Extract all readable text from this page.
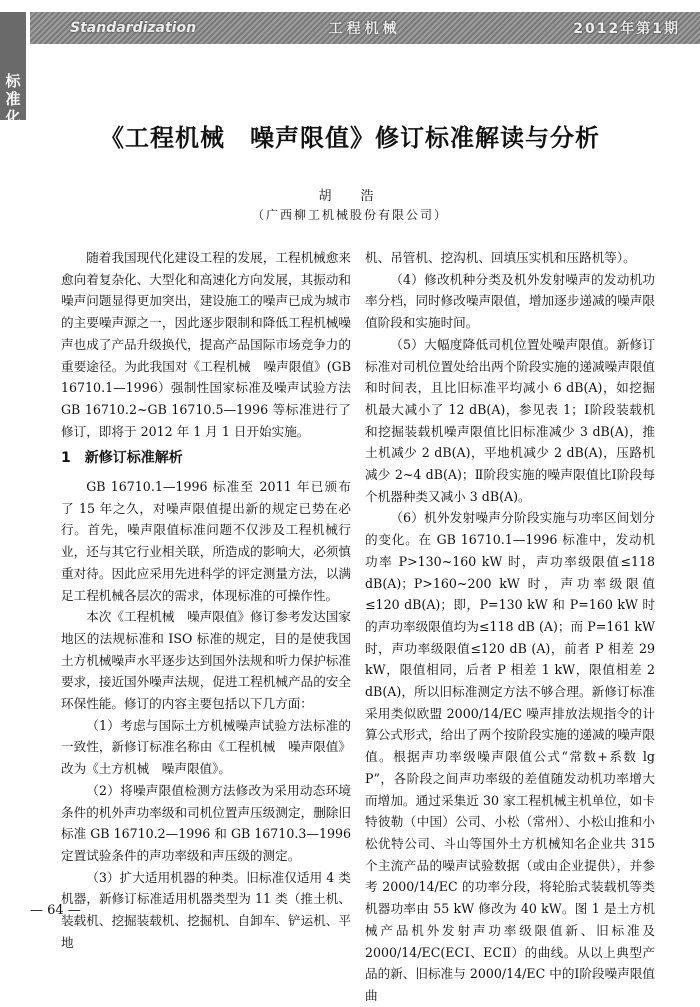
Standardization	工程机械	2012年第1期
标
准
化
《工程机械　噪声限值》修订标准解读与分析
胡　浩
（广西柳工机械股份有限公司）

随着我国现代化建设工程的发展，工程机械愈来愈向着复杂化、大型化和高速化方向发展，其振动和噪声问题显得更加突出，建设施工的噪声已成为城市的主要噪声源之一，因此逐步限制和降低工程机械噪声也成了产品升级换代，提高产品国际市场竞争力的重要途径。为此我国对《工程机械　噪声限值》(GB 16710.1—1996）强制性国家标准及噪声试验方法 GB 16710.2~GB 16710.5—1996 等标准进行了修订，即将于 2012 年 1 月 1 日开始实施。

1　新修订标准解析

GB 16710.1—1996 标准至 2011 年已颁布了 15 年之久，对噪声限值提出新的规定已势在必行。首先，噪声限值标准问题不仅涉及工程机械行业，还与其它行业相关联，所造成的影响大，必须慎重对待。因此应采用先进科学的评定测量方法，以满足工程机械各层次的需求，体现标准的可操作性。

本次《工程机械　噪声限值》修订参考发达国家地区的法规标准和 ISO 标准的规定，目的是使我国土方机械噪声水平逐步达到国外法规和听力保护标准要求，接近国外噪声法规，促进工程机械产品的安全环保性能。修订的内容主要包括以下几方面：

（1）考虑与国际土方机械噪声试验方法标准的一致性，新修订标准名称由《工程机械　噪声限值》改为《土方机械　噪声限值》。

（2）将噪声限值检测方法修改为采用动态环境条件的机外声功率级和司机位置声压级测定，删除旧标准 GB 16710.2—1996 和 GB 16710.3—1996 定置试验条件的声功率级和声压级的测定。

（3）扩大适用机器的种类。旧标准仅适用 4 类机器，新修订标准适用机器类型为 11 类（推土机、装载机、挖掘装载机、挖掘机、自卸车、铲运机、平地

机、吊管机、挖沟机、回填压实机和压路机等）。

（4）修改机种分类及机外发射噪声的发动机功率分档，同时修改噪声限值，增加逐步递减的噪声限值阶段和实施时间。

（5）大幅度降低司机位置处噪声限值。新修订标准对司机位置处给出两个阶段实施的递减噪声限值和时间表，且比旧标准平均减小 6 dB(A)，如挖掘机最大减小了 12 dB(A)，参见表 1；Ⅰ阶段装载机和挖掘装载机噪声限值比旧标准减少 3 dB(A)，推土机减少 2 dB(A)，平地机减少 2 dB(A)，压路机减少 2~4 dB(A)；Ⅱ阶段实施的噪声限值比Ⅰ阶段每个机器种类又减小 3 dB(A)。

（6）机外发射噪声分阶段实施与功率区间划分的变化。在 GB 16710.1—1996 标准中，发动机功率 P>130~160 kW 时，声功率级限值≤118 dB(A)；P>160~200 kW 时，声功率级限值≤120 dB(A)；即，P=130 kW 和 P=160 kW 时的声功率级限值均为≤118 dB (A)；而 P=161 kW 时，声功率级限值≤120 dB (A)，前者 P 相差 29 kW，限值相同，后者 P 相差 1 kW，限值相差 2 dB(A)，所以旧标准测定方法不够合理。新修订标准采用类似欧盟 2000/14/EC 噪声排放法规指令的计算公式形式，给出了两个按阶段实施的递减的噪声限值。根据声功率级噪声限值公式“常数+系数 lg P”，各阶段之间声功率级的差值随发动机功率增大而增加。通过采集近 30 家工程机械主机单位，如卡特彼勒（中国）公司、小松（常州）、小松山推和小松优特公司、斗山等国外土方机械知名企业共 315 个主流产品的噪声试验数据（或由企业提供），并参考 2000/14/EC 的功率分段，将轮胎式装载机等类机器功率由 55 kW 修改为 40 kW。图 1 是土方机械产品机外发射声功率级限值新、旧标准及 2000/14/EC(ECⅠ、ECⅡ）的曲线。从以上典型产品的新、旧标准与 2000/14/EC 中的Ⅰ阶段噪声限值曲

— 64 —
